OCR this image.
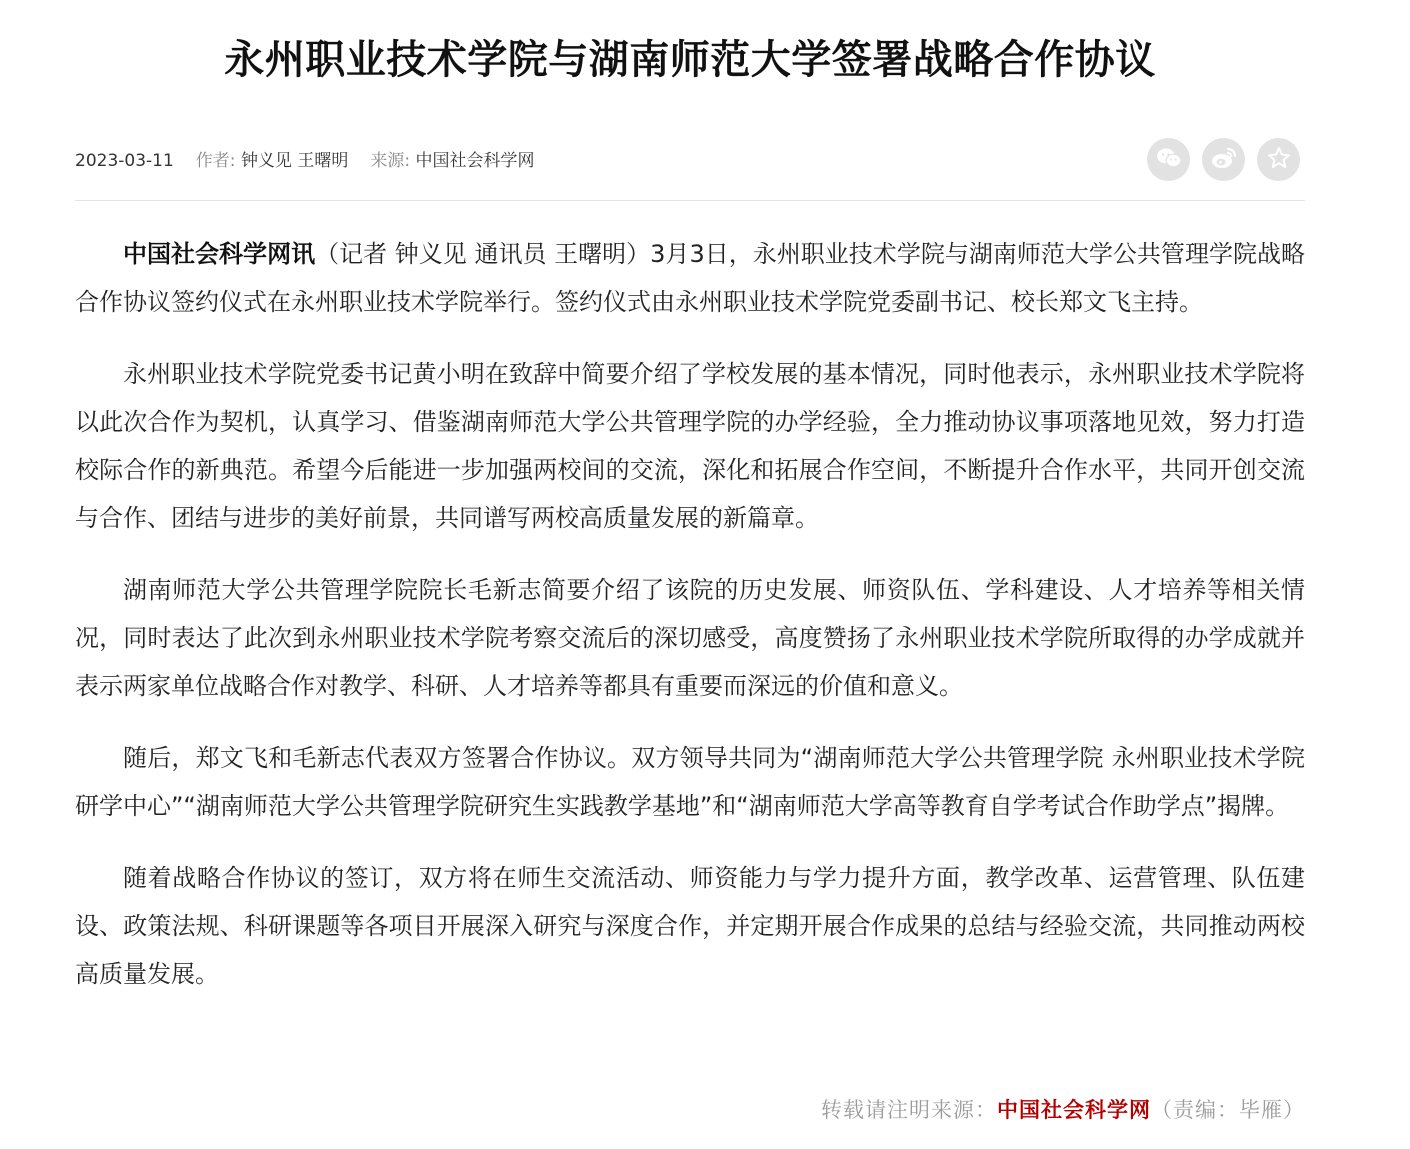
永州职业技术学院与湖南师范大学签署战略合作协议
2023-03-11 作者: 钟义见 王曙明 来源: 中国社会科学网

中国社会科学网讯（记者 钟义见 通讯员 王曙明）3月3日，永州职业技术学院与湖南师范大学公共管理学院战略合作协议签约仪式在永州职业技术学院举行。签约仪式由永州职业技术学院党委副书记、校长郑文飞主持。

永州职业技术学院党委书记黄小明在致辞中简要介绍了学校发展的基本情况，同时他表示，永州职业技术学院将以此次合作为契机，认真学习、借鉴湖南师范大学公共管理学院的办学经验，全力推动协议事项落地见效，努力打造校际合作的新典范。希望今后能进一步加强两校间的交流，深化和拓展合作空间，不断提升合作水平，共同开创交流与合作、团结与进步的美好前景，共同谱写两校高质量发展的新篇章。

湖南师范大学公共管理学院院长毛新志简要介绍了该院的历史发展、师资队伍、学科建设、人才培养等相关情况，同时表达了此次到永州职业技术学院考察交流后的深切感受，高度赞扬了永州职业技术学院所取得的办学成就并表示两家单位战略合作对教学、科研、人才培养等都具有重要而深远的价值和意义。

随后，郑文飞和毛新志代表双方签署合作协议。双方领导共同为“湖南师范大学公共管理学院 永州职业技术学院研学中心”“湖南师范大学公共管理学院研究生实践教学基地”和“湖南师范大学高等教育自学考试合作助学点”揭牌。

随着战略合作协议的签订，双方将在师生交流活动、师资能力与学力提升方面，教学改革、运营管理、队伍建设、政策法规、科研课题等各项目开展深入研究与深度合作，并定期开展合作成果的总结与经验交流，共同推动两校高质量发展。

转载请注明来源：中国社会科学网（责编：毕雁）
